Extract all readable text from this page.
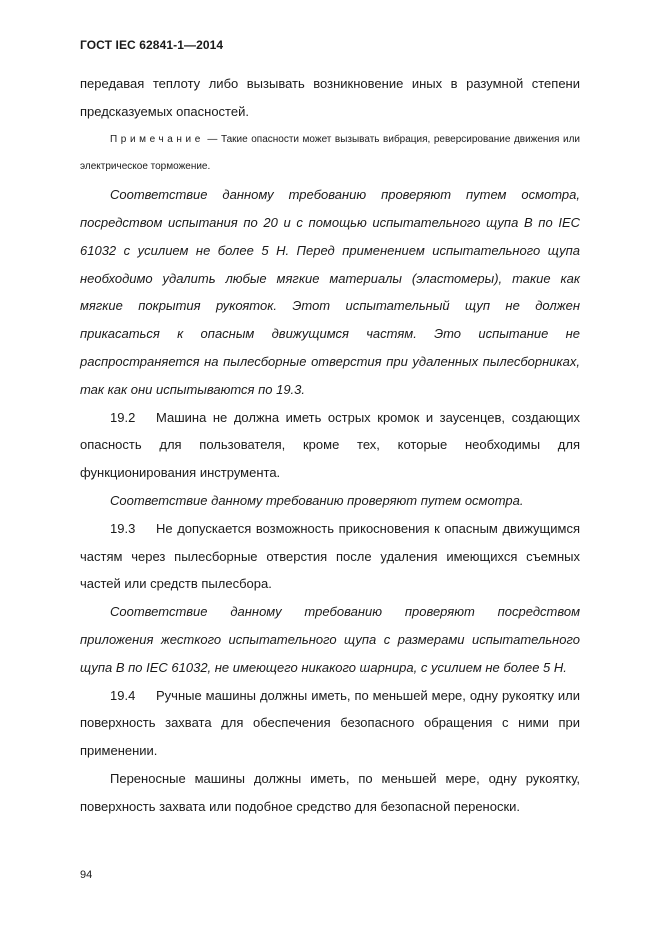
ГОСТ IEC 62841-1—2014

передавая теплоту либо вызывать возникновение иных в разумной степени предсказуемых опасностей.

Примечание — Такие опасности может вызывать вибрация, реверсирование движения или электрическое торможение.

Соответствие данному требованию проверяют путем осмотра, посредством испытания по 20 и с помощью испытательного щупа B по IEC 61032 с усилием не более 5 Н. Перед применением испытательного щупа необходимо удалить любые мягкие материалы (эластомеры), такие как мягкие покрытия рукояток. Этот испытательный щуп не должен прикасаться к опасным движущимся частям. Это испытание не распространяется на пылесборные отверстия при удаленных пылесборниках, так как они испытываются по 19.3.

19.2 Машина не должна иметь острых кромок и заусенцев, создающих опасность для пользователя, кроме тех, которые необходимы для функционирования инструмента.

Соответствие данному требованию проверяют путем осмотра.

19.3 Не допускается возможность прикосновения к опасным движущимся частям через пылесборные отверстия после удаления имеющихся съемных частей или средств пылесбора.

Соответствие данному требованию проверяют посредством приложения жесткого испытательного щупа с размерами испытательного щупа B по IEC 61032, не имеющего никакого шарнира, с усилием не более 5 Н.

19.4 Ручные машины должны иметь, по меньшей мере, одну рукоятку или поверхность захвата для обеспечения безопасного обращения с ними при применении.

Переносные машины должны иметь, по меньшей мере, одну рукоятку, поверхность захвата или подобное средство для безопасной переноски.

94
